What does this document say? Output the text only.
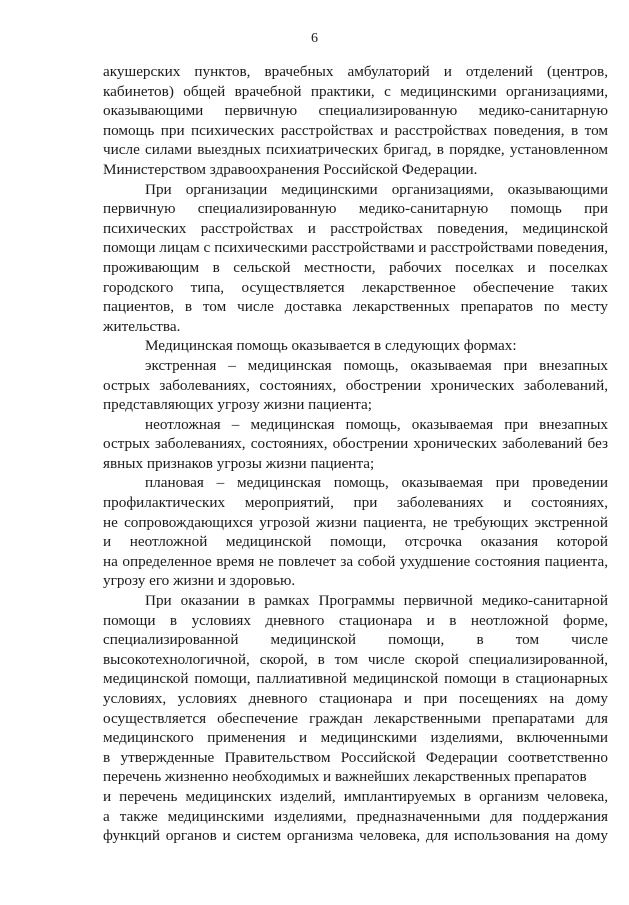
6
акушерских пунктов, врачебных амбулаторий и отделений (центров,
кабинетов) общей врачебной практики, с медицинскими организациями,
оказывающими первичную специализированную медико-санитарную
помощь при психических расстройствах и расстройствах поведения, в том
числе силами выездных психиатрических бригад, в порядке, установленном
Министерством здравоохранения Российской Федерации.
При организации медицинскими организациями, оказывающими
первичную специализированную медико-санитарную помощь при
психических расстройствах и расстройствах поведения, медицинской
помощи лицам с психическими расстройствами и расстройствами поведения,
проживающим в сельской местности, рабочих поселках и поселках
городского типа, осуществляется лекарственное обеспечение таких
пациентов, в том числе доставка лекарственных препаратов по месту
жительства.
Медицинская помощь оказывается в следующих формах:
экстренная – медицинская помощь, оказываемая при внезапных
острых заболеваниях, состояниях, обострении хронических заболеваний,
представляющих угрозу жизни пациента;
неотложная – медицинская помощь, оказываемая при внезапных
острых заболеваниях, состояниях, обострении хронических заболеваний без
явных признаков угрозы жизни пациента;
плановая – медицинская помощь, оказываемая при проведении
профилактических мероприятий, при заболеваниях и состояниях,
не сопровождающихся угрозой жизни пациента, не требующих экстренной
и неотложной медицинской помощи, отсрочка оказания которой
на определенное время не повлечет за собой ухудшение состояния пациента,
угрозу его жизни и здоровью.
При оказании в рамках Программы первичной медико-санитарной
помощи в условиях дневного стационара и в неотложной форме,
специализированной медицинской помощи, в том числе
высокотехнологичной, скорой, в том числе скорой специализированной,
медицинской помощи, паллиативной медицинской помощи в стационарных
условиях, условиях дневного стационара и при посещениях на дому
осуществляется обеспечение граждан лекарственными препаратами для
медицинского применения и медицинскими изделиями, включенными
в утвержденные Правительством Российской Федерации соответственно
перечень жизненно необходимых и важнейших лекарственных препаратов
и перечень медицинских изделий, имплантируемых в организм человека,
а также медицинскими изделиями, предназначенными для поддержания
функций органов и систем организма человека, для использования на дому
